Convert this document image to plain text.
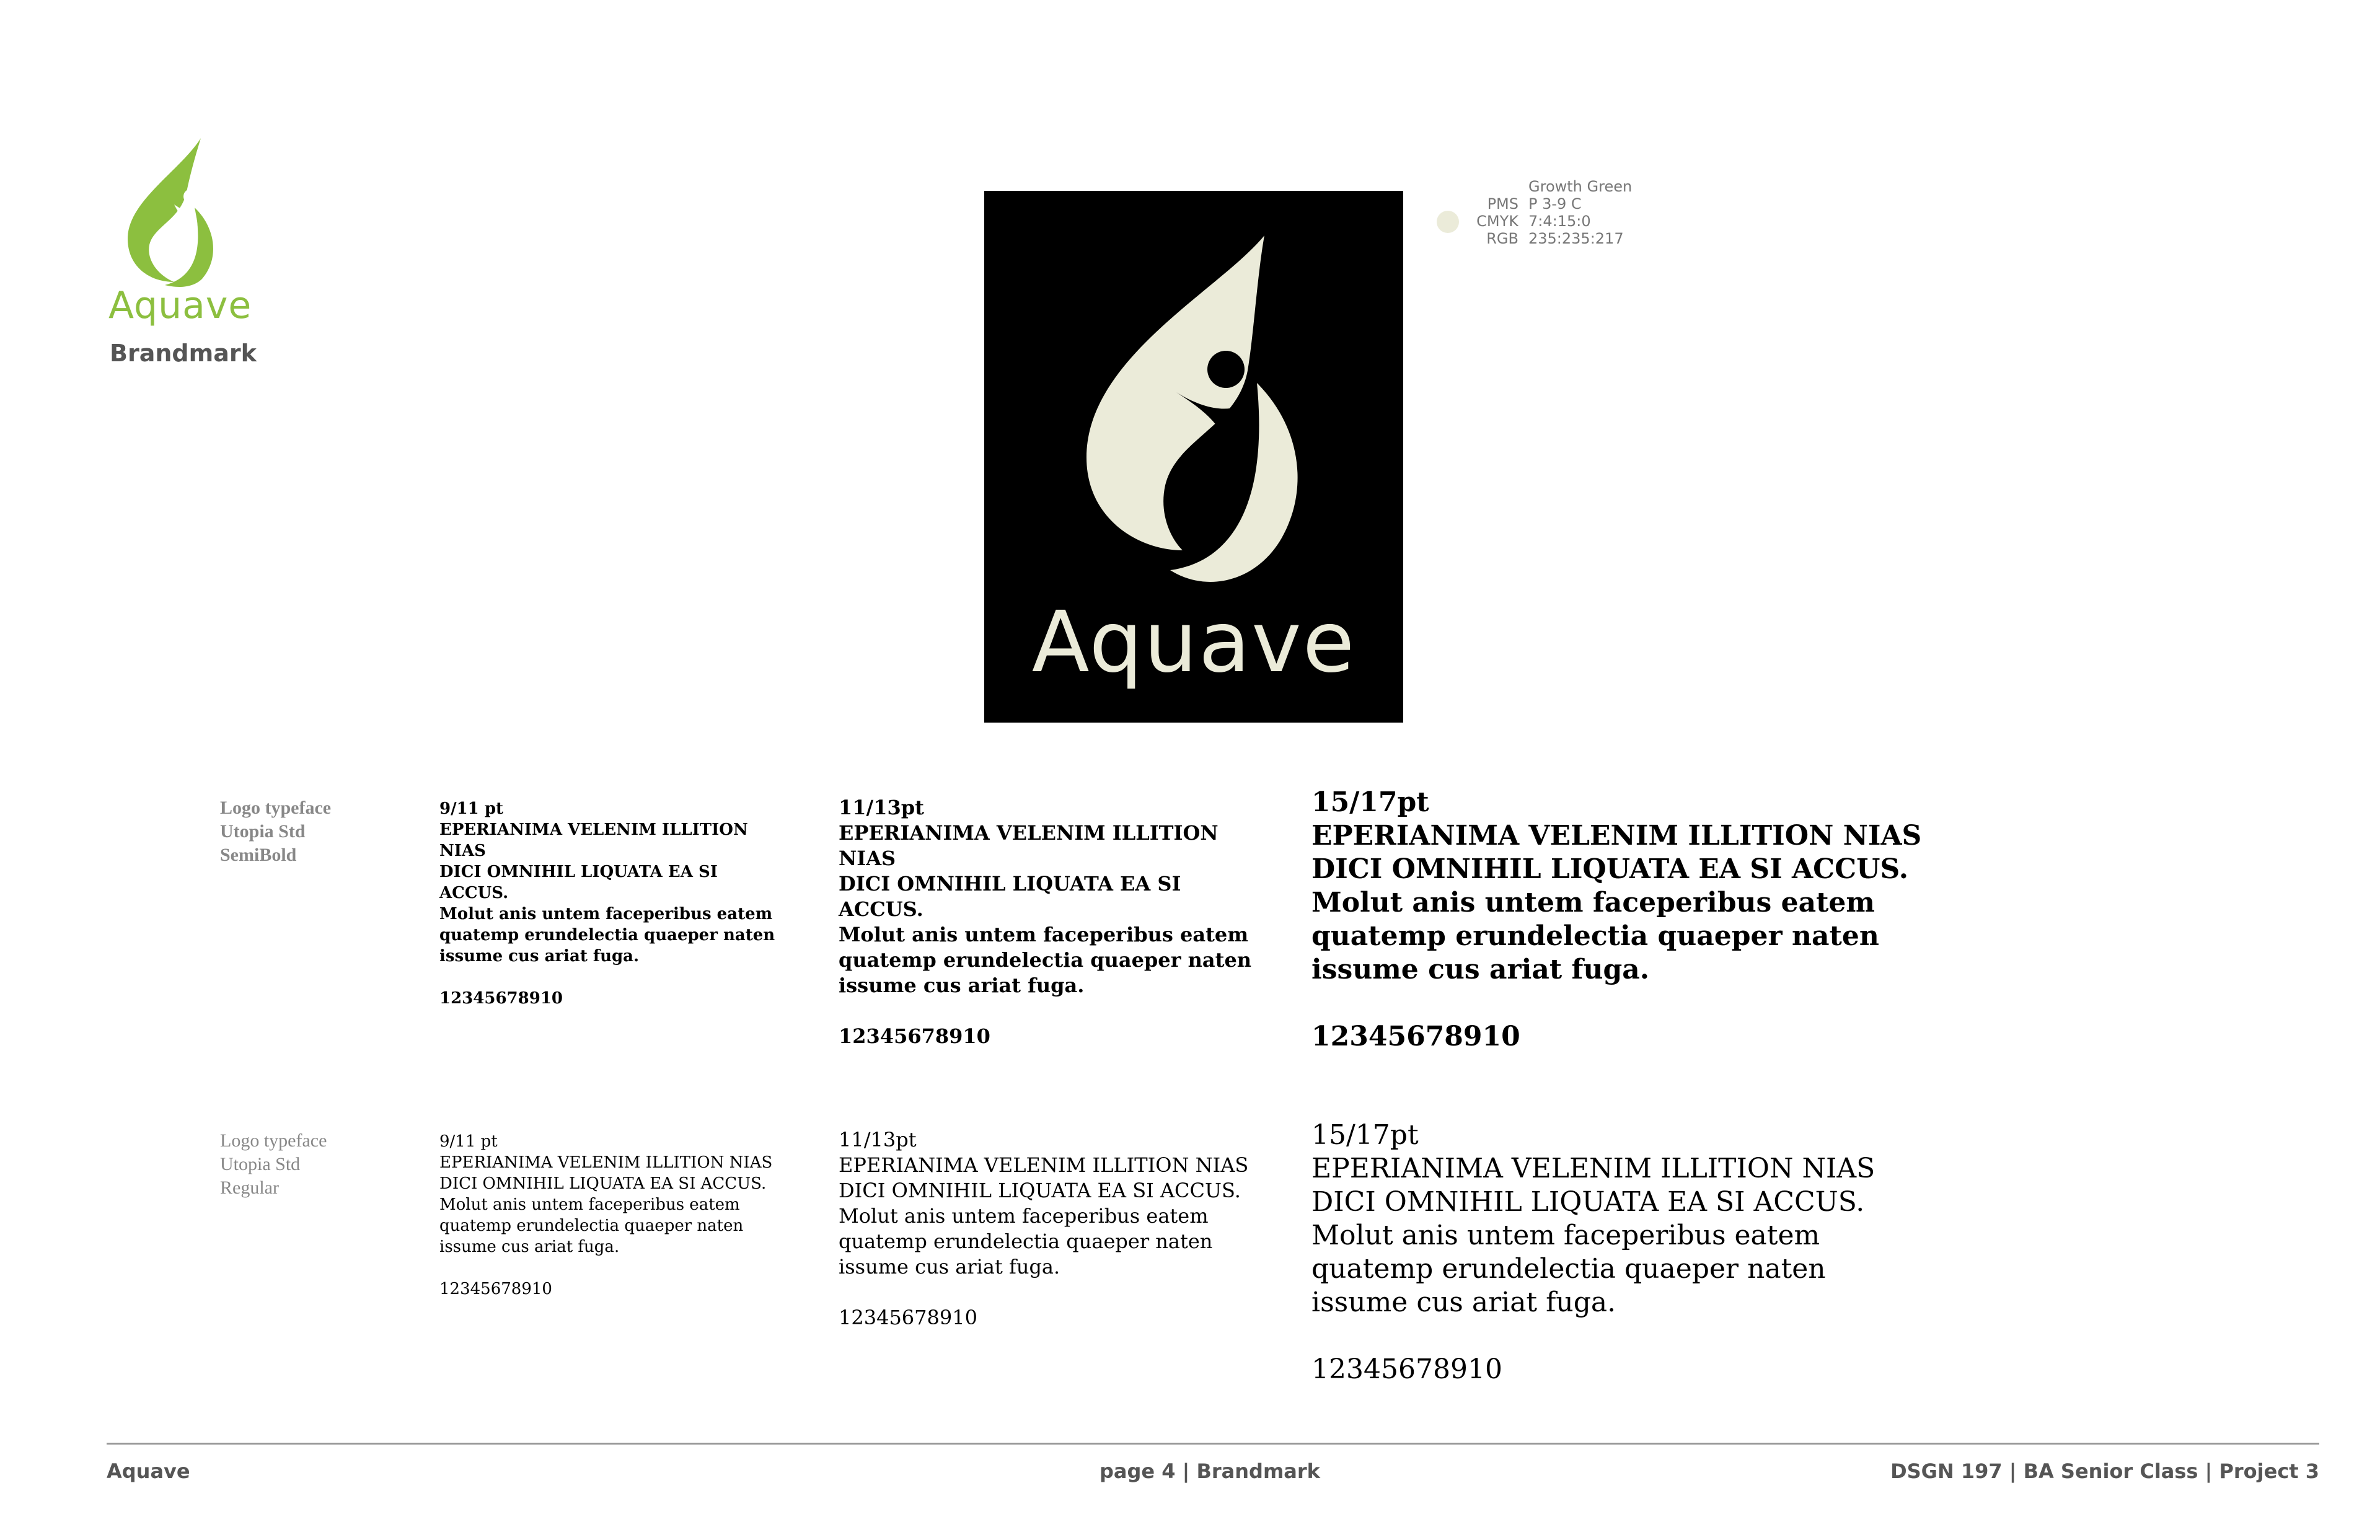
Aquave
Brandmark
Aquave
Growth Green
PMS
CMYK
RGB
P 3-9 C
7:4:15:0
235:235:217
Logo typeface
Utopia Std
SemiBold
9/11 pt
EPERIANIMA VELENIM ILLITION NIAS
DICI OMNIHIL LIQUATA EA SI ACCUS.
Molut anis untem faceperibus eatem
quatemp erundelectia quaeper naten
issume cus ariat fuga.
12345678910
11/13pt
EPERIANIMA VELENIM ILLITION NIAS
DICI OMNIHIL LIQUATA EA SI ACCUS.
Molut anis untem faceperibus eatem
quatemp erundelectia quaeper naten
issume cus ariat fuga.
12345678910
15/17pt
EPERIANIMA VELENIM ILLITION NIAS
DICI OMNIHIL LIQUATA EA SI ACCUS.
Molut anis untem faceperibus eatem
quatemp erundelectia quaeper naten
issume cus ariat fuga.
12345678910
Logo typeface
Utopia Std
Regular
9/11 pt
EPERIANIMA VELENIM ILLITION NIAS
DICI OMNIHIL LIQUATA EA SI ACCUS.
Molut anis untem faceperibus eatem
quatemp erundelectia quaeper naten
issume cus ariat fuga.
12345678910
11/13pt
EPERIANIMA VELENIM ILLITION NIAS
DICI OMNIHIL LIQUATA EA SI ACCUS.
Molut anis untem faceperibus eatem
quatemp erundelectia quaeper naten
issume cus ariat fuga.
12345678910
15/17pt
EPERIANIMA VELENIM ILLITION NIAS
DICI OMNIHIL LIQUATA EA SI ACCUS.
Molut anis untem faceperibus eatem
quatemp erundelectia quaeper naten
issume cus ariat fuga.
12345678910
Aquave	page 4 | Brandmark	DSGN 197 | BA Senior Class | Project 3
